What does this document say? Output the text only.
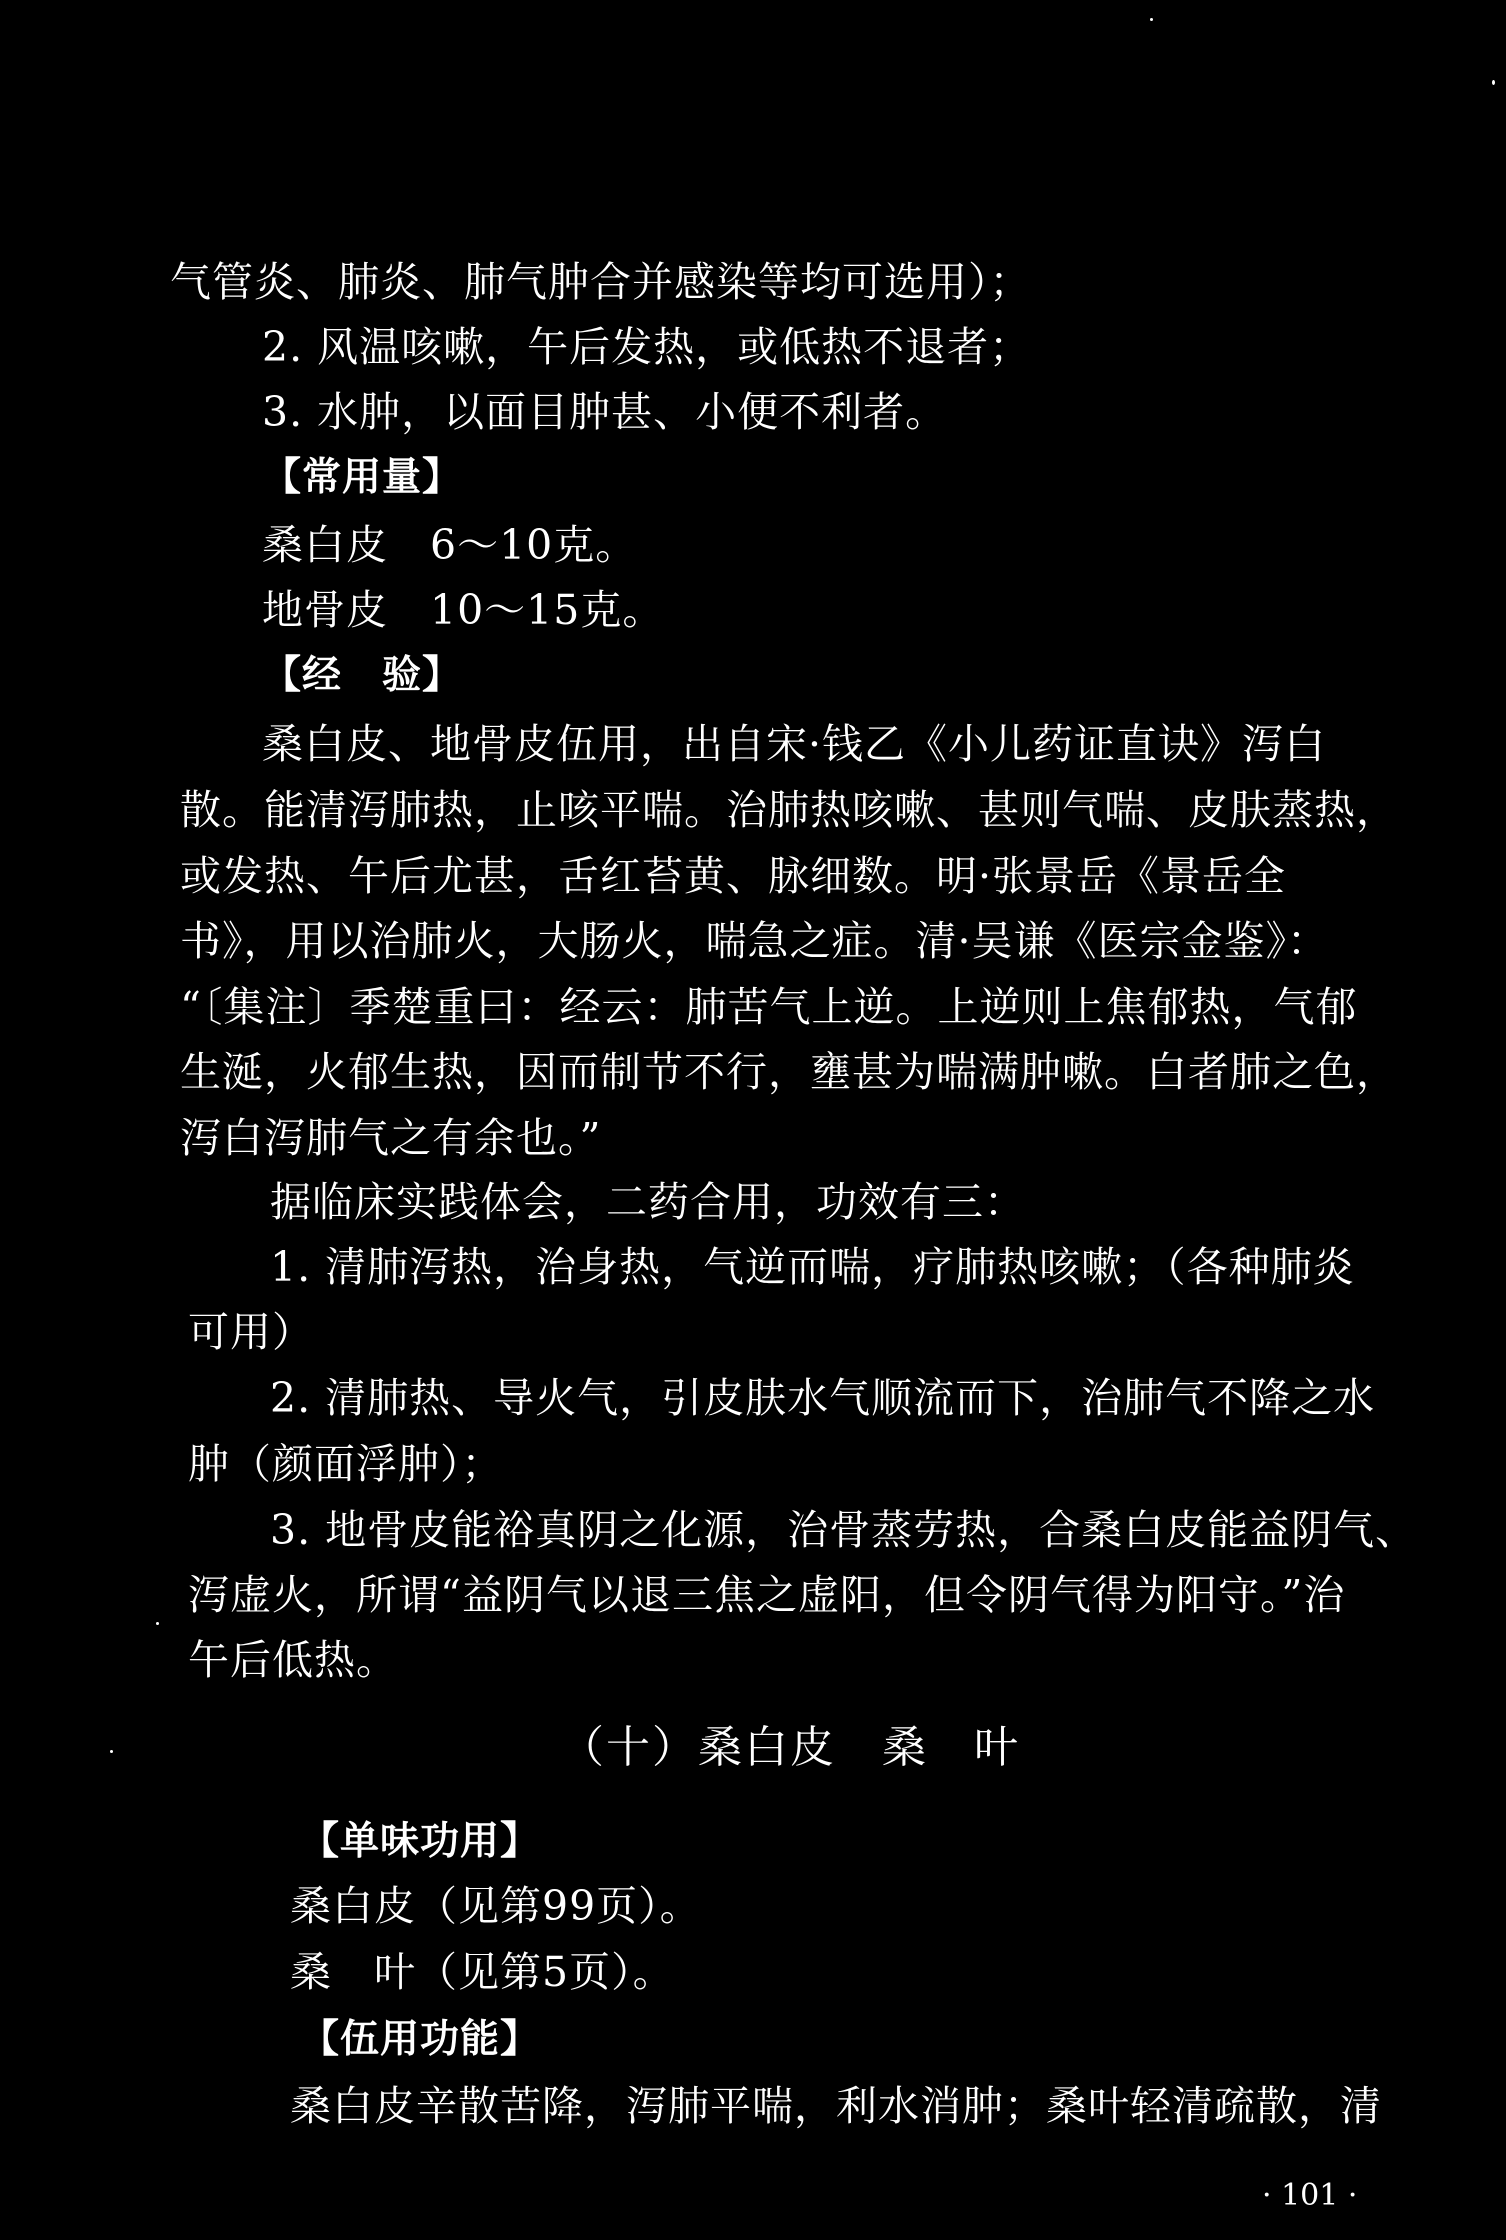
气管炎、肺炎、肺气肿合并感染等均可选用）；
2. 风温咳嗽，午后发热，或低热不退者；
3. 水肿，以面目肿甚、小便不利者。
【常用量】
桑白皮　6～10克。
地骨皮　10～15克。
【经　验】
桑白皮、地骨皮伍用，出自宋·钱乙《小儿药证直诀》泻白
散。能清泻肺热，止咳平喘。治肺热咳嗽、甚则气喘、皮肤蒸热，
或发热、午后尤甚，舌红苔黄、脉细数。明·张景岳《景岳全
书》，用以治肺火，大肠火，喘急之症。清·吴谦《医宗金鉴》：
“〔集注〕季楚重曰：经云：肺苦气上逆。上逆则上焦郁热，气郁
生涎，火郁生热，因而制节不行，壅甚为喘满肿嗽。白者肺之色，
泻白泻肺气之有余也。”
据临床实践体会，二药合用，功效有三：
1. 清肺泻热，治身热，气逆而喘，疗肺热咳嗽；（各种肺炎
可用）
2. 清肺热、导火气，引皮肤水气顺流而下，治肺气不降之水
肿（颜面浮肿）；
3. 地骨皮能裕真阴之化源，治骨蒸劳热，合桑白皮能益阴气、
泻虚火，所谓“益阴气以退三焦之虚阳，但令阴气得为阳守。”治
午后低热。
（十）桑白皮　桑　叶
【单味功用】
桑白皮（见第99页）。
桑　叶（见第5页）。
【伍用功能】
桑白皮辛散苦降，泻肺平喘，利水消肿；桑叶轻清疏散，清
· 101 ·
